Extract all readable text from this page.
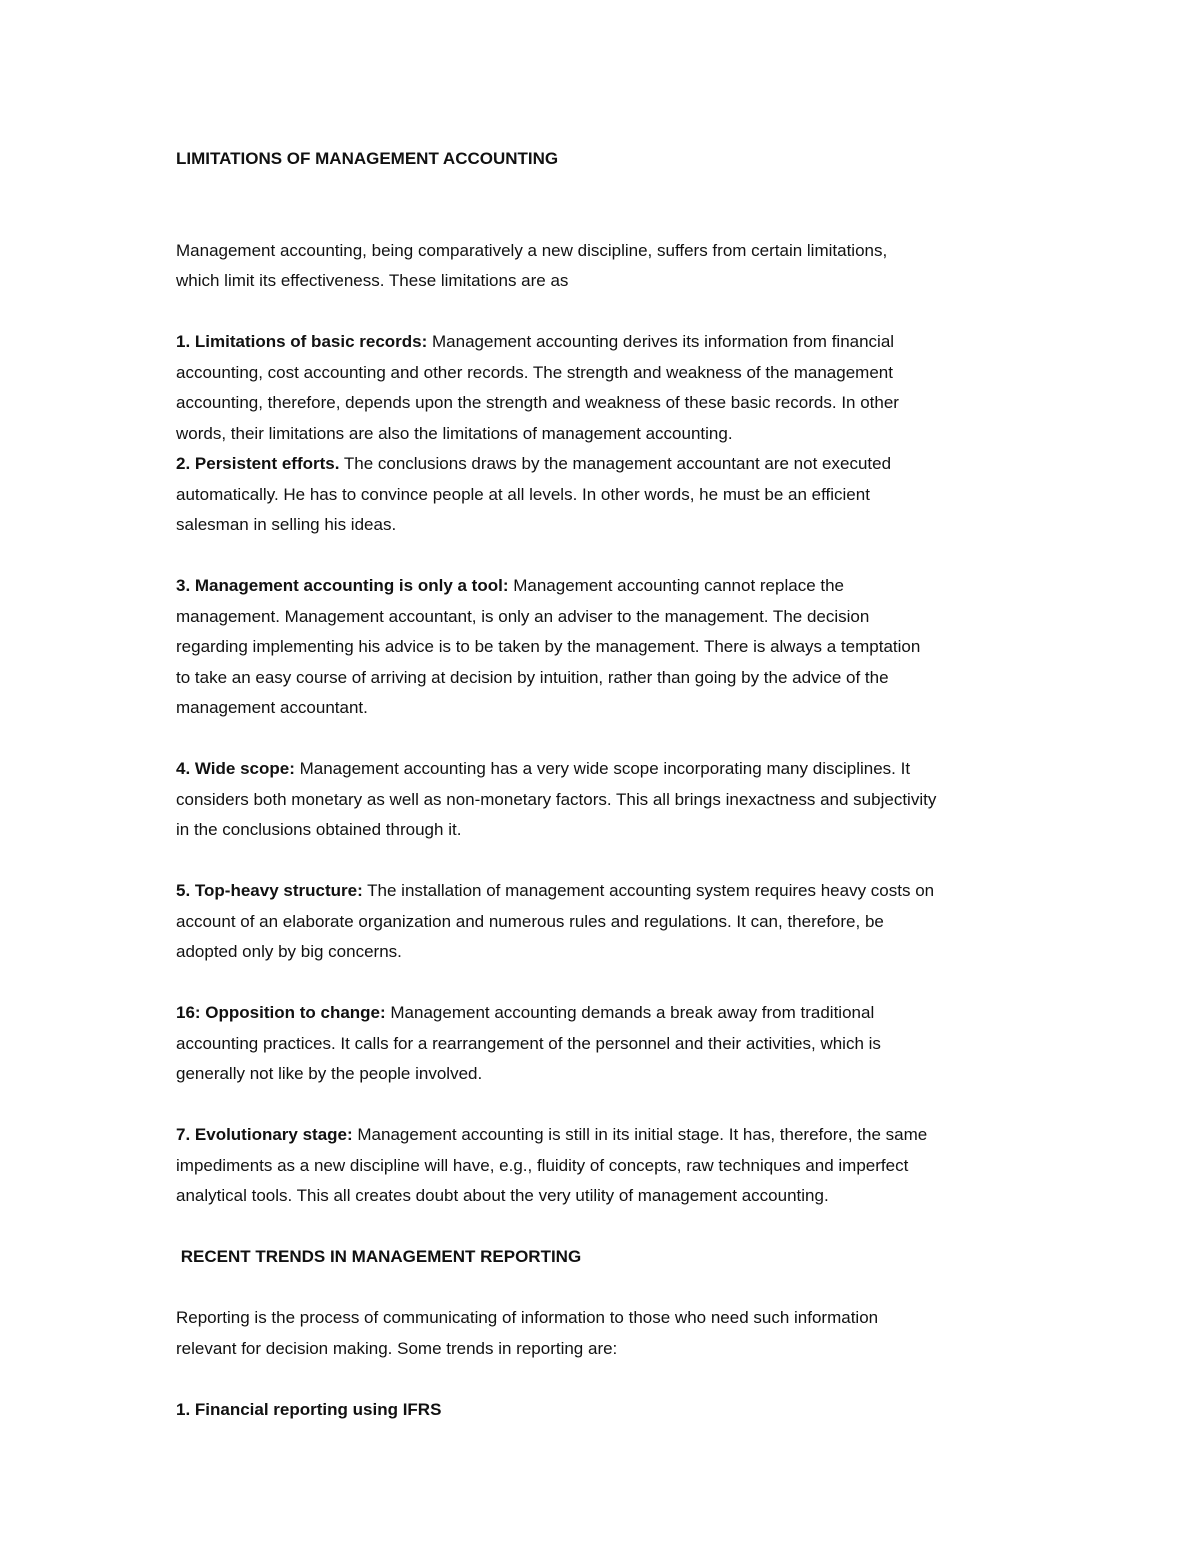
LIMITATIONS OF MANAGEMENT ACCOUNTING

Management accounting, being comparatively a new discipline, suffers from certain limitations,
which limit its effectiveness. These limitations are as

1. Limitations of basic records: Management accounting derives its information from financial
accounting, cost accounting and other records. The strength and weakness of the management
accounting, therefore, depends upon the strength and weakness of these basic records. In other
words, their limitations are also the limitations of management accounting.

2. Persistent efforts. The conclusions draws by the management accountant are not executed
automatically. He has to convince people at all levels. In other words, he must be an efficient
salesman in selling his ideas.

3. Management accounting is only a tool: Management accounting cannot replace the
management. Management accountant, is only an adviser to the management. The decision
regarding implementing his advice is to be taken by the management. There is always a temptation
to take an easy course of arriving at decision by intuition, rather than going by the advice of the
management accountant.

4. Wide scope: Management accounting has a very wide scope incorporating many disciplines. It
considers both monetary as well as non-monetary factors. This all brings inexactness and subjectivity
in the conclusions obtained through it.

5. Top-heavy structure: The installation of management accounting system requires heavy costs on
account of an elaborate organization and numerous rules and regulations. It can, therefore, be
adopted only by big concerns.

16: Opposition to change: Management accounting demands a break away from traditional
accounting practices. It calls for a rearrangement of the personnel and their activities, which is
generally not like by the people involved.

7. Evolutionary stage: Management accounting is still in its initial stage. It has, therefore, the same
impediments as a new discipline will have, e.g., fluidity of concepts, raw techniques and imperfect
analytical tools. This all creates doubt about the very utility of management accounting.

RECENT TRENDS IN MANAGEMENT REPORTING

Reporting is the process of communicating of information to those who need such information
relevant for decision making. Some trends in reporting are:

1. Financial reporting using IFRS
